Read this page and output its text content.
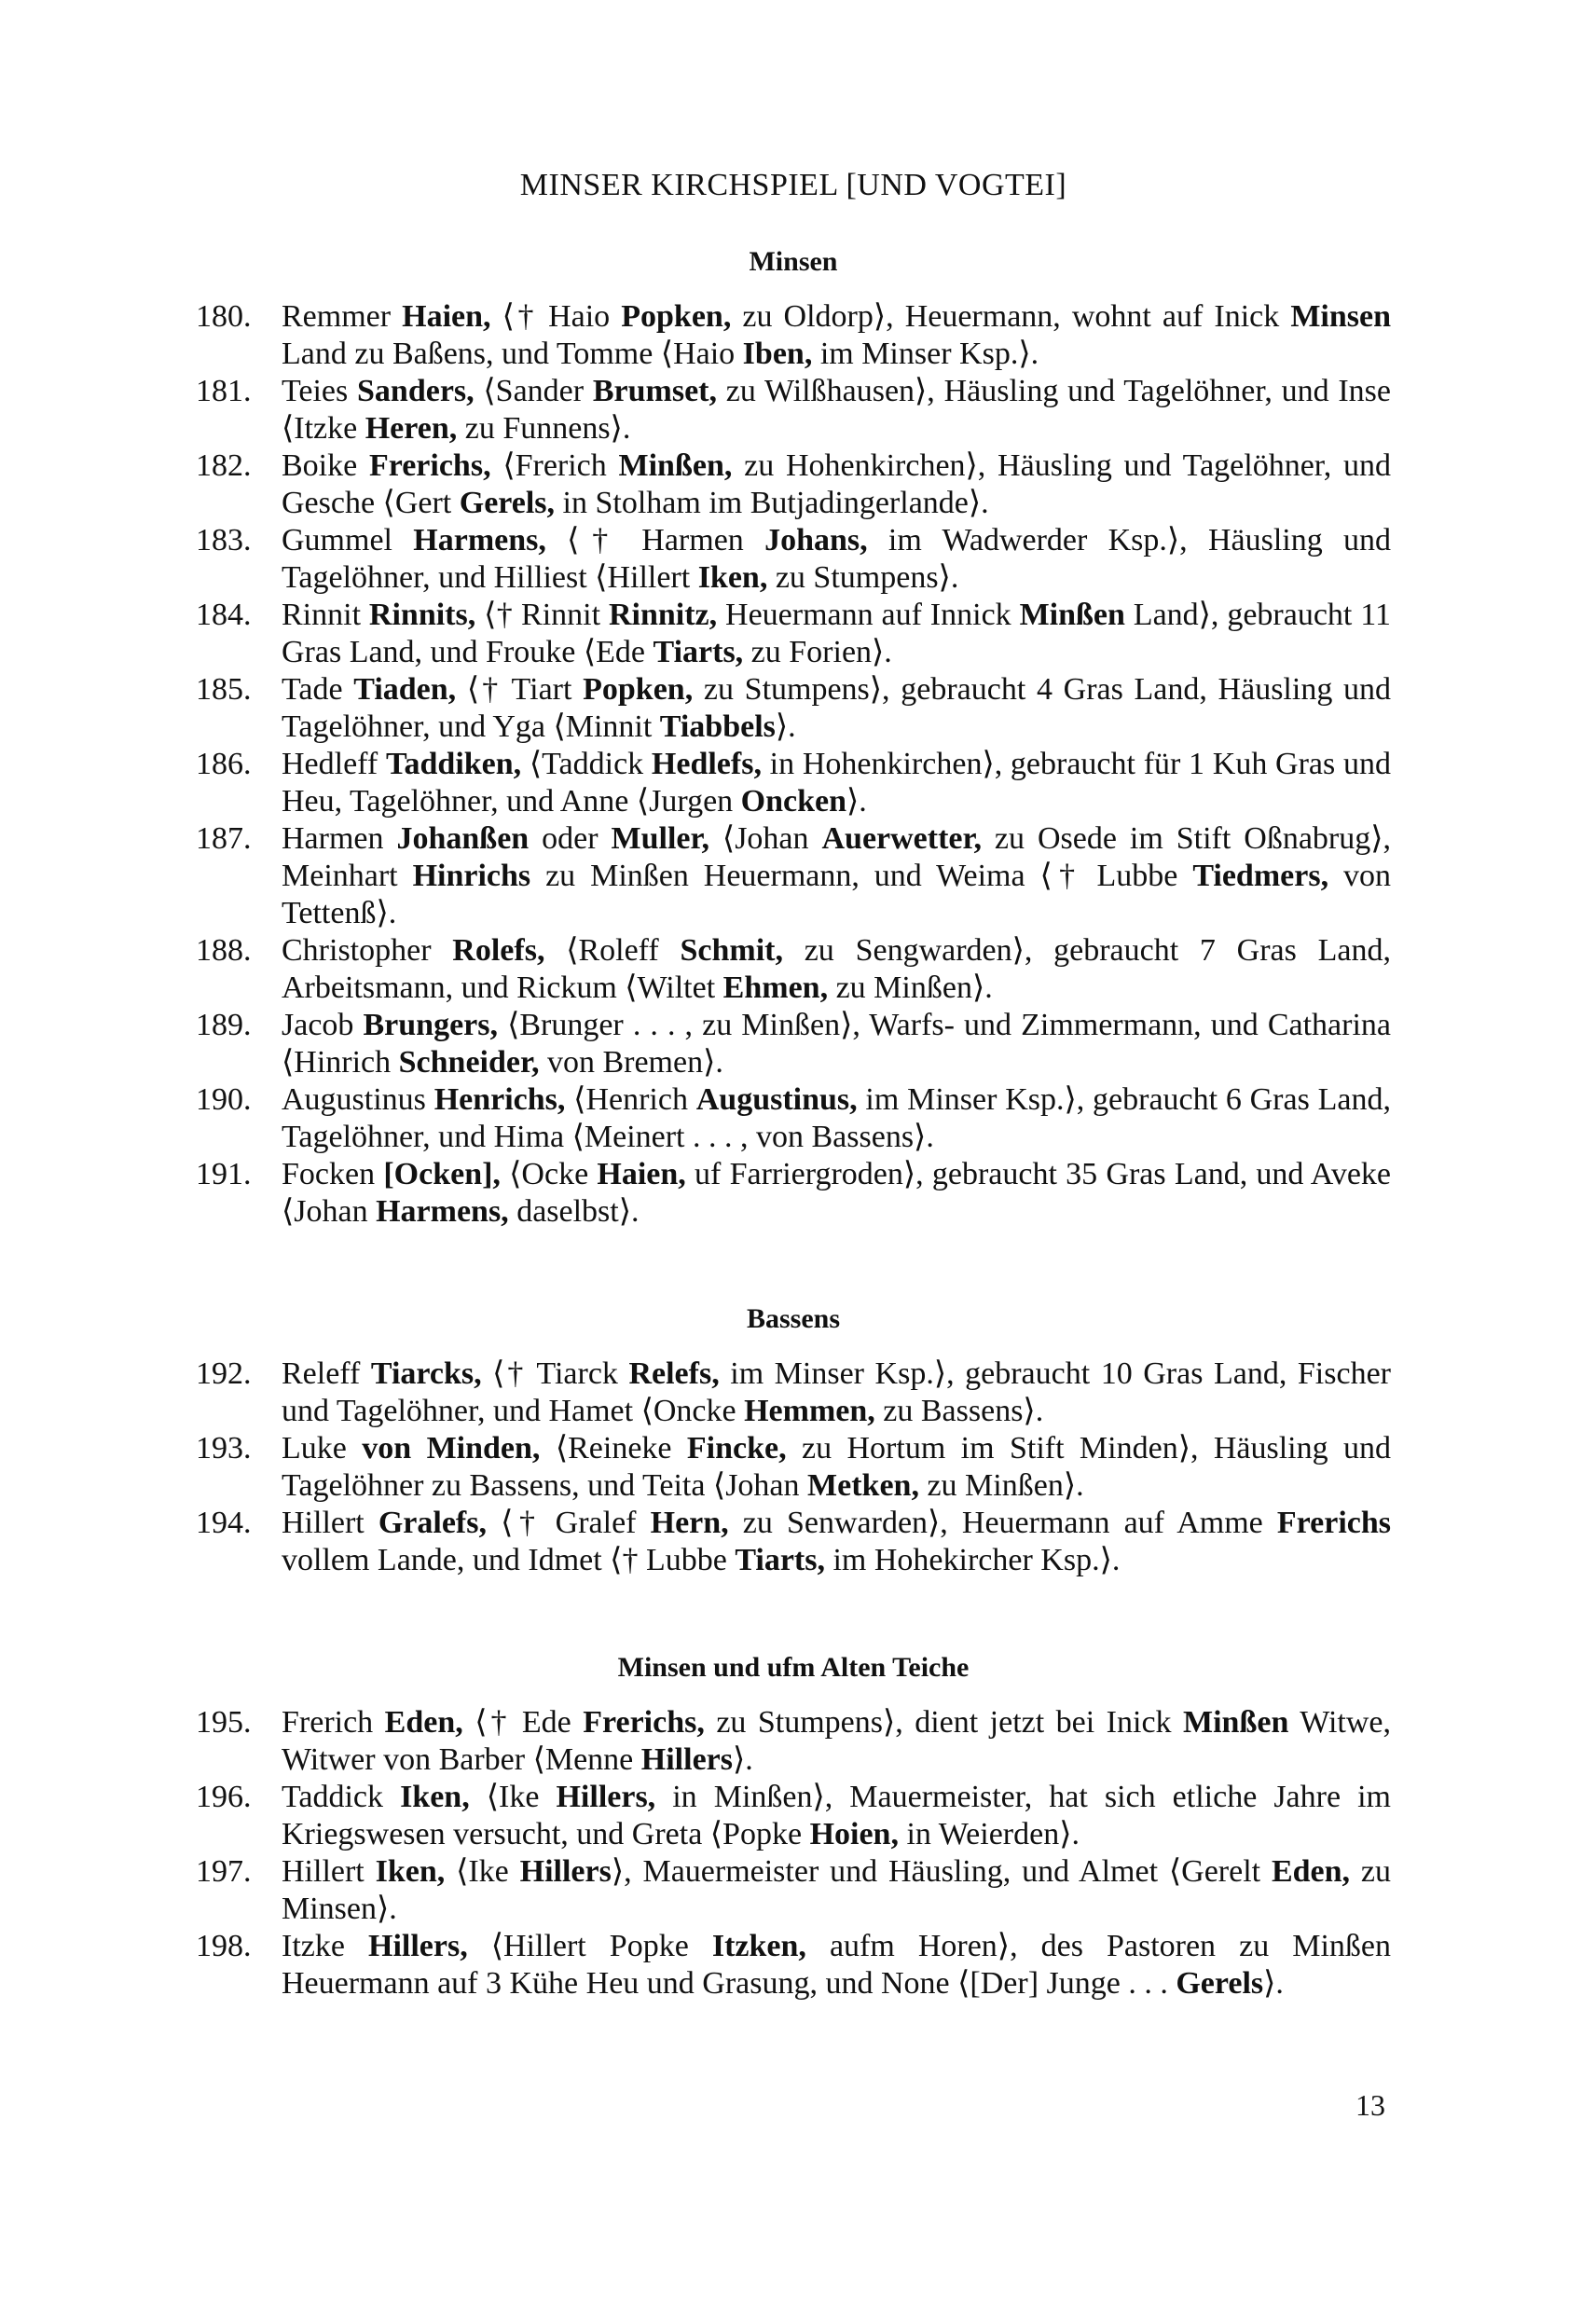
MINSER KIRCHSPIEL [UND VOGTEI]
Minsen
180. Remmer Haien, ⟨† Haio Popken, zu Oldorp⟩, Heuermann, wohnt auf Inick Minsen Land zu Baßens, und Tomme ⟨Haio Iben, im Minser Ksp.⟩.
181. Teies Sanders, ⟨Sander Brumset, zu Wilßhausen⟩, Häusling und Tagelöhner, und Inse ⟨Itzke Heren, zu Funnens⟩.
182. Boike Frerichs, ⟨Frerich Minßen, zu Hohenkirchen⟩, Häusling und Tagelöhner, und Gesche ⟨Gert Gerels, in Stolham im Butjadingerlande⟩.
183. Gummel Harmens, ⟨† Harmen Johans, im Wadwerder Ksp.⟩, Häusling und Tagelöhner, und Hilliest ⟨Hillert Iken, zu Stumpens⟩.
184. Rinnit Rinnits, ⟨† Rinnit Rinnitz, Heuermann auf Innick Minßen Land⟩, gebraucht 11 Gras Land, und Frouke ⟨Ede Tiarts, zu Forien⟩.
185. Tade Tiaden, ⟨† Tiart Popken, zu Stumpens⟩, gebraucht 4 Gras Land, Häusling und Tagelöhner, und Yga ⟨Minnit Tiabbels⟩.
186. Hedleff Taddiken, ⟨Taddick Hedlefs, in Hohenkirchen⟩, gebraucht für 1 Kuh Gras und Heu, Tagelöhner, und Anne ⟨Jurgen Oncken⟩.
187. Harmen Johanßen oder Muller, ⟨Johan Auerwetter, zu Osede im Stift Oßnabrug⟩, Meinhart Hinrichs zu Minßen Heuermann, und Weima ⟨† Lubbe Tiedmers, von Tettenß⟩.
188. Christopher Rolefs, ⟨Roleff Schmit, zu Sengwarden⟩, gebraucht 7 Gras Land, Arbeitsmann, und Rickum ⟨Wiltet Ehmen, zu Minßen⟩.
189. Jacob Brungers, ⟨Brunger . . . , zu Minßen⟩, Warfs- und Zimmermann, und Catharina ⟨Hinrich Schneider, von Bremen⟩.
190. Augustinus Henrichs, ⟨Henrich Augustinus, im Minser Ksp.⟩, gebraucht 6 Gras Land, Tagelöhner, und Hima ⟨Meinert . . . , von Bassens⟩.
191. Focken [Ocken], ⟨Ocke Haien, uf Farriergroden⟩, gebraucht 35 Gras Land, und Aveke ⟨Johan Harmens, daselbst⟩.
Bassens
192. Releff Tiarcks, ⟨† Tiarck Relefs, im Minser Ksp.⟩, gebraucht 10 Gras Land, Fischer und Tagelöhner, und Hamet ⟨Oncke Hemmen, zu Bassens⟩.
193. Luke von Minden, ⟨Reineke Fincke, zu Hortum im Stift Minden⟩, Häusling und Tagelöhner zu Bassens, und Teita ⟨Johan Metken, zu Minßen⟩.
194. Hillert Gralefs, ⟨† Gralef Hern, zu Senwarden⟩, Heuermann auf Amme Frerichs vollem Lande, und Idmet ⟨† Lubbe Tiarts, im Hohekircher Ksp.⟩.
Minsen und ufm Alten Teiche
195. Frerich Eden, ⟨† Ede Frerichs, zu Stumpens⟩, dient jetzt bei Inick Minßen Witwe, Witwer von Barber ⟨Menne Hillers⟩.
196. Taddick Iken, ⟨Ike Hillers, in Minßen⟩, Mauermeister, hat sich etliche Jahre im Kriegswesen versucht, und Greta ⟨Popke Hoien, in Weierden⟩.
197. Hillert Iken, ⟨Ike Hillers⟩, Mauermeister und Häusling, und Almet ⟨Gerelt Eden, zu Minsen⟩.
198. Itzke Hillers, ⟨Hillert Popke Itzken, aufm Horen⟩, des Pastoren zu Minßen Heuermann auf 3 Kühe Heu und Grasung, und None ⟨[Der] Junge . . . Gerels⟩.
13
